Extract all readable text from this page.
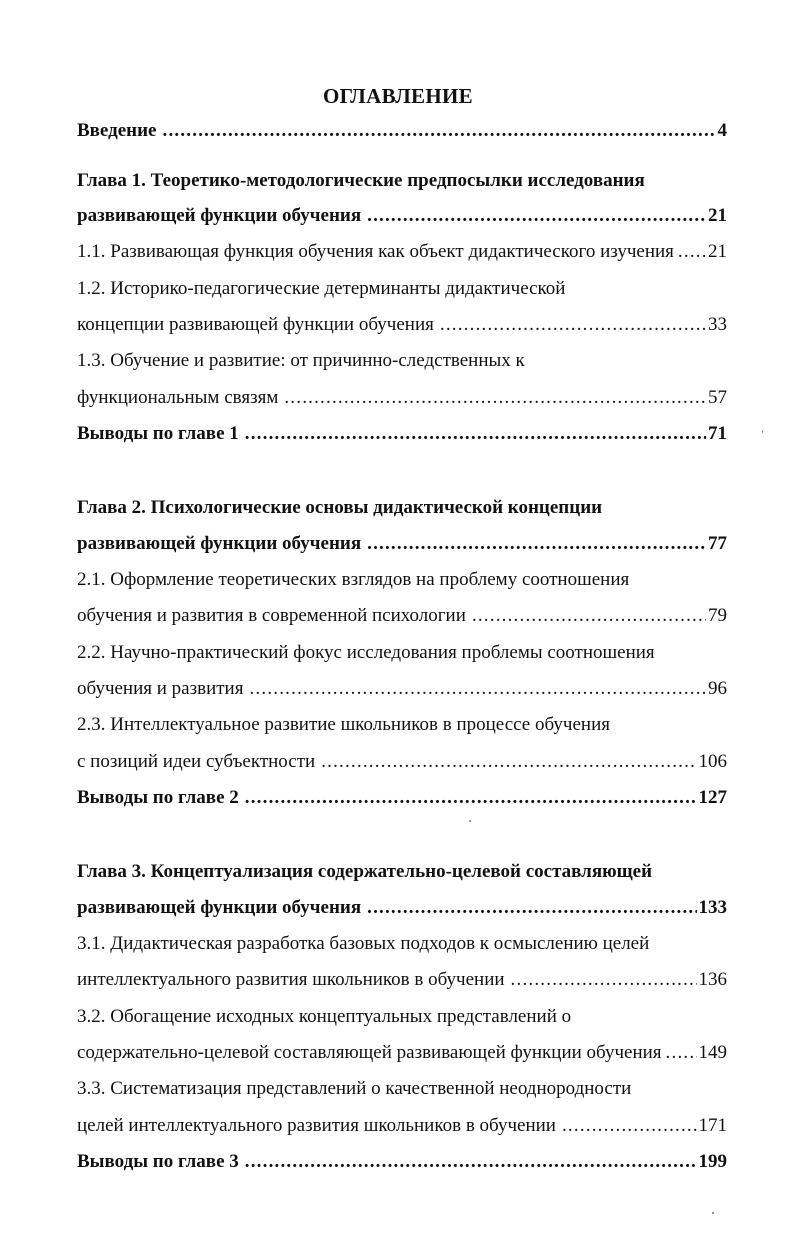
ОГЛАВЛЕНИЕ
Введение .....	4
Глава 1. Теоретико-методологические предпосылки исследования
развивающей функции обучения .....	21
1.1. Развивающая функция обучения как объект дидактического изучения ..... 21
1.2. Историко-педагогические детерминанты дидактической
концепции развивающей функции обучения .....	33
1.3. Обучение и развитие: от причинно-следственных к
функциональным связям .....	57
Выводы по главе 1 .....	71
Глава 2. Психологические основы дидактической концепции
развивающей функции обучения .....	77
2.1. Оформление теоретических взглядов на проблему соотношения
обучения и развития в современной психологии .....	79
2.2. Научно-практический фокус исследования проблемы соотношения
обучения и развития .....	96
2.3. Интеллектуальное развитие школьников в процессе обучения
с позиций идеи субъектности .....	106
Выводы по главе 2 .....	127
Глава 3. Концептуализация содержательно-целевой составляющей
развивающей функции обучения .....	133
3.1. Дидактическая разработка базовых подходов к осмыслению целей
интеллектуального развития школьников в обучении .....	136
3.2. Обогащение исходных концептуальных представлений о
содержательно-целевой составляющей развивающей функции обучения ..... 149
3.3. Систематизация представлений о качественной неоднородности
целей интеллектуального развития школьников в обучении .....	171
Выводы по главе 3 .....	199
